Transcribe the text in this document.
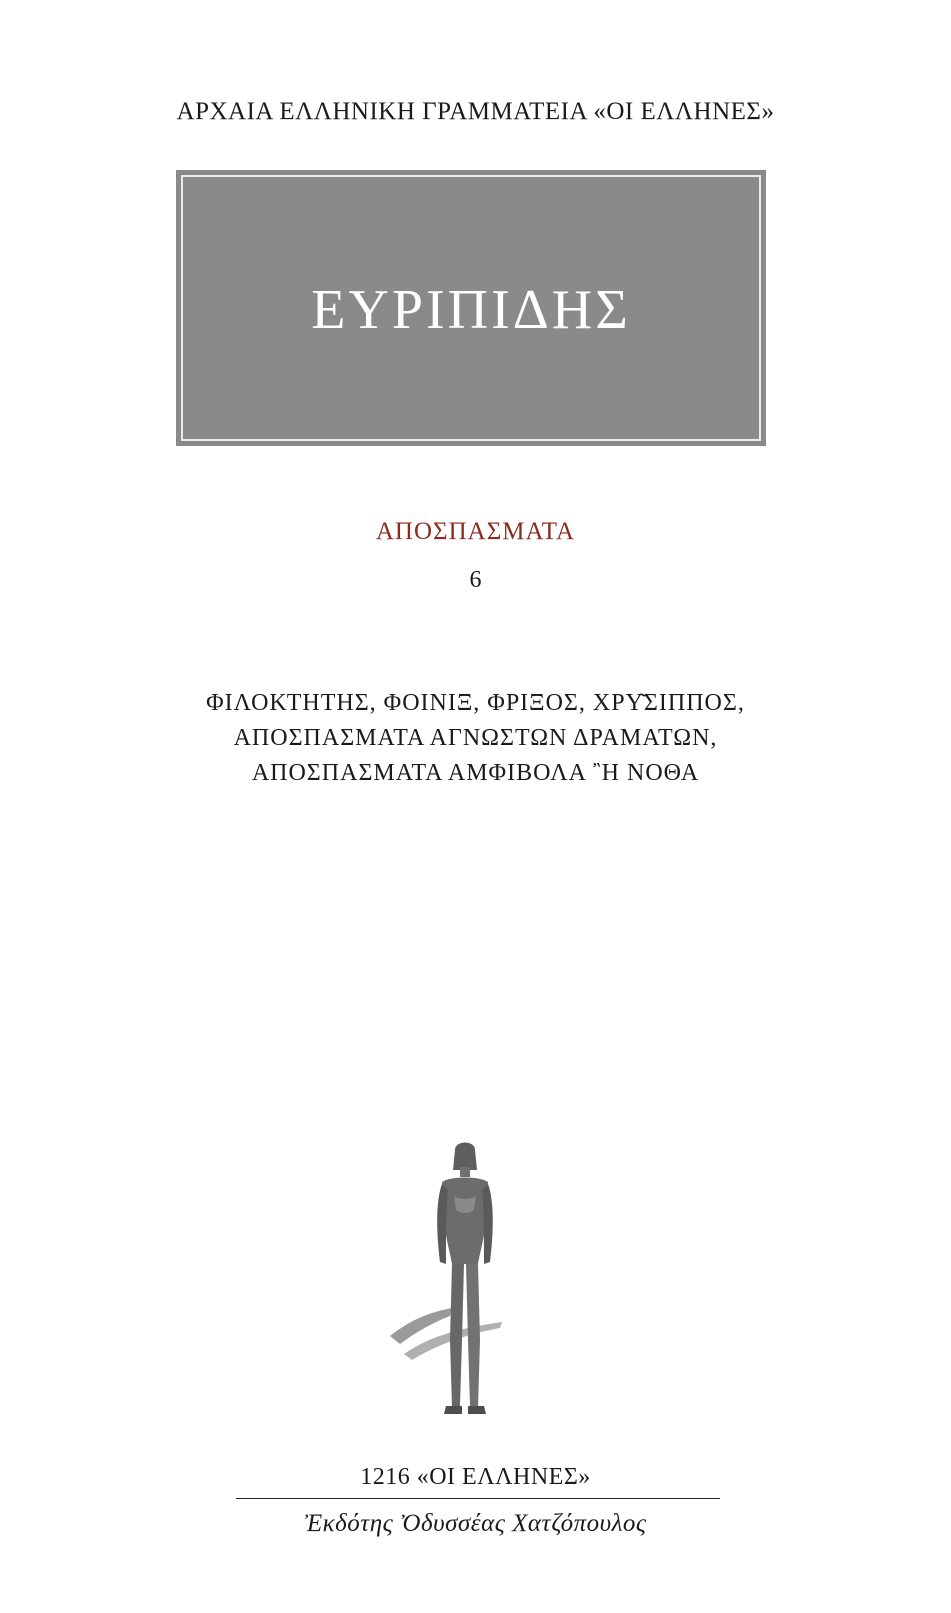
ΑΡΧΑΙΑ ΕΛΛΗΝΙΚΗ ΓΡΑΜΜΑΤΕΙΑ «ΟΙ ΕΛΛΗΝΕΣ»
ΕΥΡΙΠΙΔΗΣ
ΑΠΟΣΠΑΣΜΑΤΑ
6
ΦΙΛΟΚΤΗΤΗΣ, ΦΟΙΝΙΞ, ΦΡΙΞΟΣ, ΧΡΥ͂ΣΙΠΠΟΣ,
ΑΠΟΣΠΑΣΜΑΤΑ ΑΓΝΩΣΤΩΝ ΔΡΑΜΑΤΩΝ,
ΑΠΟΣΠΑΣΜΑΤΑ ΑΜΦΙΒΟΛΑ ῍Η ΝΟΘΑ
1216 «ΟΙ ΕΛΛΗΝΕΣ»
Ἐκδότης Ὀδυσσέας Χατζόπουλος
